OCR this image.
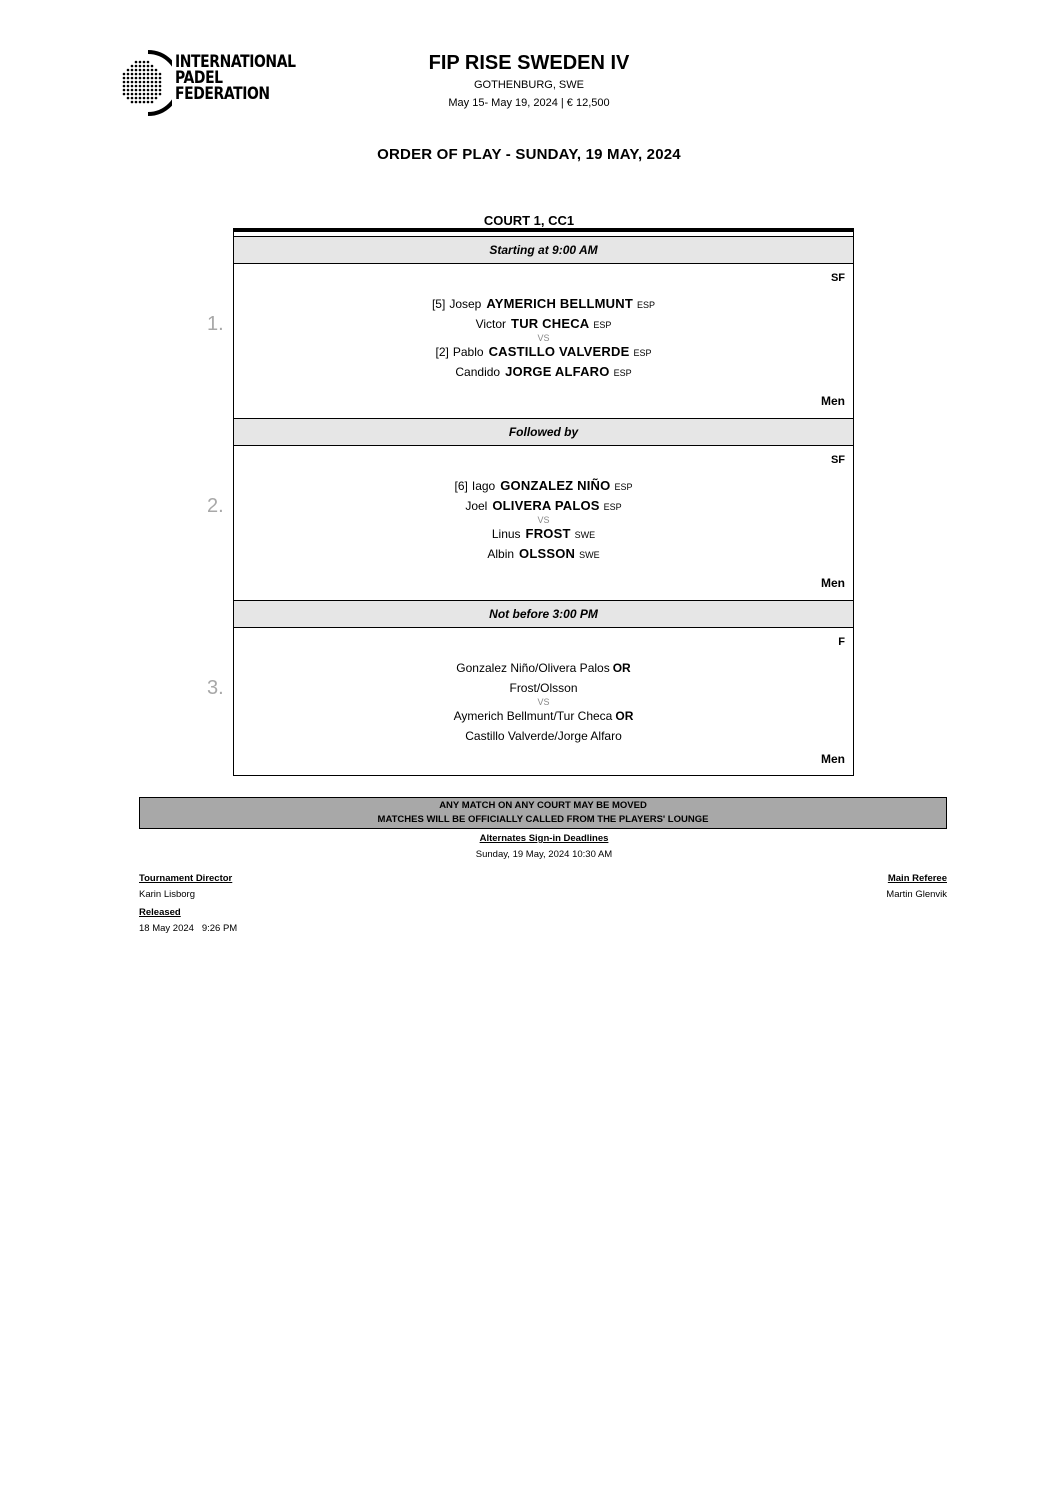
INTERNATIONAL
PADEL
FEDERATION
FIP RISE SWEDEN IV
GOTHENBURG, SWE
May 15- May 19, 2024 | € 12,500
ORDER OF PLAY - SUNDAY, 19 MAY, 2024
COURT 1, CC1
1.
2.
3.
Starting at 9:00 AM
SF
[5] Josep AYMERICH BELLMUNT ESP
Victor TUR CHECA ESP
VS
[2] Pablo CASTILLO VALVERDE ESP
Candido JORGE ALFARO ESP
Men
Followed by
SF
[6] Iago GONZALEZ NIÑO ESP
Joel OLIVERA PALOS ESP
VS
Linus FROST SWE
Albin OLSSON SWE
Men
Not before 3:00 PM
F
Gonzalez Niño/Olivera Palos OR
Frost/Olsson
VS
Aymerich Bellmunt/Tur Checa OR
Castillo Valverde/Jorge Alfaro
Men
ANY MATCH ON ANY COURT MAY BE MOVED
MATCHES WILL BE OFFICIALLY CALLED FROM THE PLAYERS' LOUNGE
Alternates Sign-in Deadlines
Sunday, 19 May, 2024 10:30 AM
Tournament Director
Karin Lisborg
Released
18 May 2024   9:26 PM
Main Referee
Martin Glenvik
